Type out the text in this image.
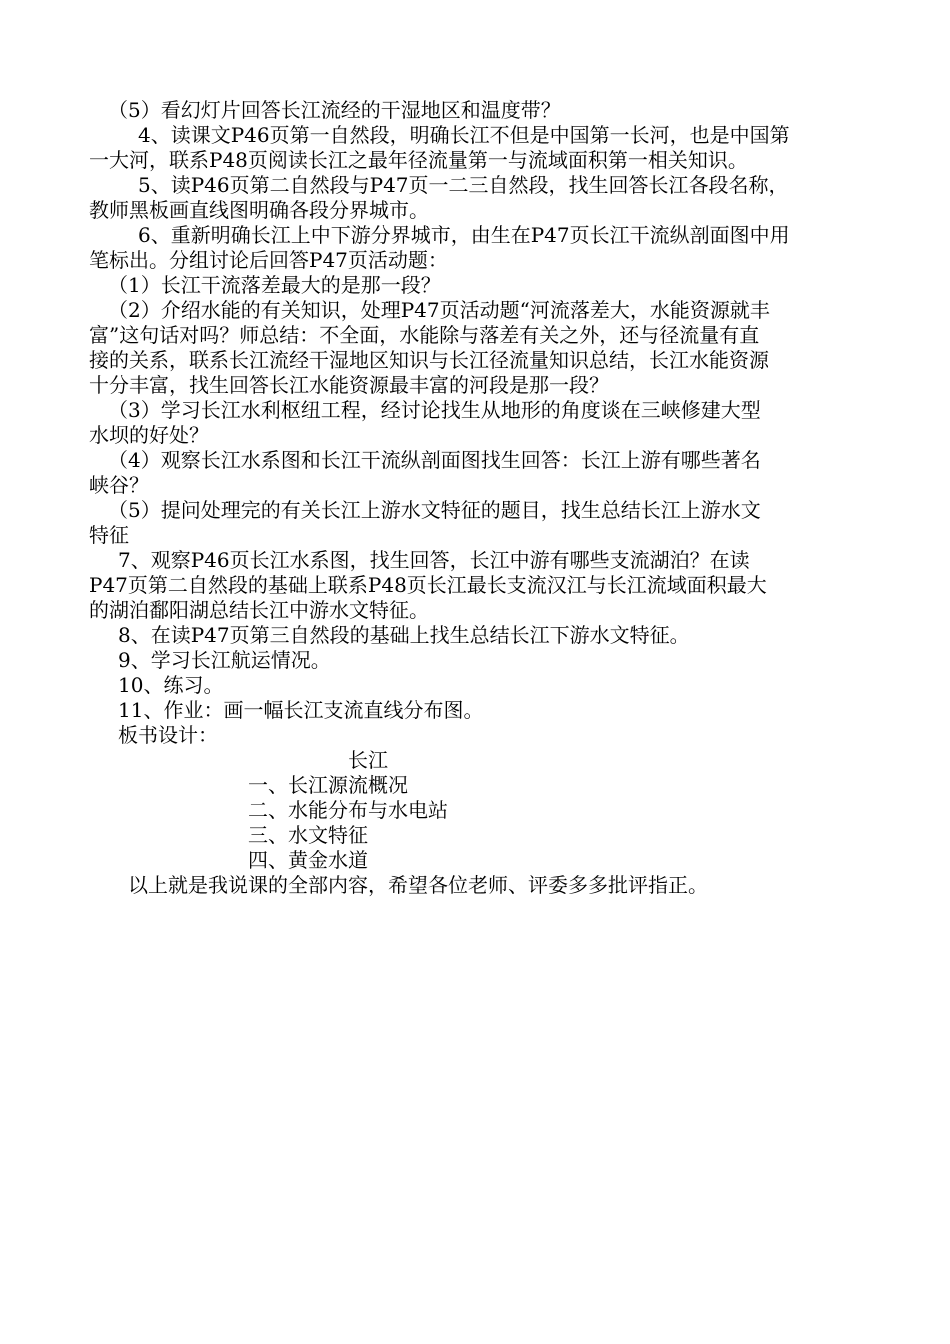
（5）看幻灯片回答长江流经的干湿地区和温度带？
4、读课文P46页第一自然段，明确长江不但是中国第一长河，也是中国第
一大河，联系P48页阅读长江之最年径流量第一与流域面积第一相关知识。
5、读P46页第二自然段与P47页一二三自然段，找生回答长江各段名称，
教师黑板画直线图明确各段分界城市。
6、重新明确长江上中下游分界城市，由生在P47页长江干流纵剖面图中用
笔标出。分组讨论后回答P47页活动题：
（1）长江干流落差最大的是那一段？
（2）介绍水能的有关知识，处理P47页活动题“河流落差大，水能资源就丰
富”这句话对吗？师总结：不全面，水能除与落差有关之外，还与径流量有直
接的关系，联系长江流经干湿地区知识与长江径流量知识总结，长江水能资源
十分丰富，找生回答长江水能资源最丰富的河段是那一段？
（3）学习长江水利枢纽工程，经讨论找生从地形的角度谈在三峡修建大型
水坝的好处？
（4）观察长江水系图和长江干流纵剖面图找生回答：长江上游有哪些著名
峡谷？
（5）提问处理完的有关长江上游水文特征的题目，找生总结长江上游水文
特征
7、观察P46页长江水系图，找生回答，长江中游有哪些支流湖泊？在读
P47页第二自然段的基础上联系P48页长江最长支流汉江与长江流域面积最大
的湖泊鄱阳湖总结长江中游水文特征。
8、在读P47页第三自然段的基础上找生总结长江下游水文特征。
9、学习长江航运情况。
10、练习。
11、作业：画一幅长江支流直线分布图。
板书设计：
长江
一、长江源流概况
二、水能分布与水电站
三、水文特征
四、黄金水道
以上就是我说课的全部内容，希望各位老师、评委多多批评指正。
